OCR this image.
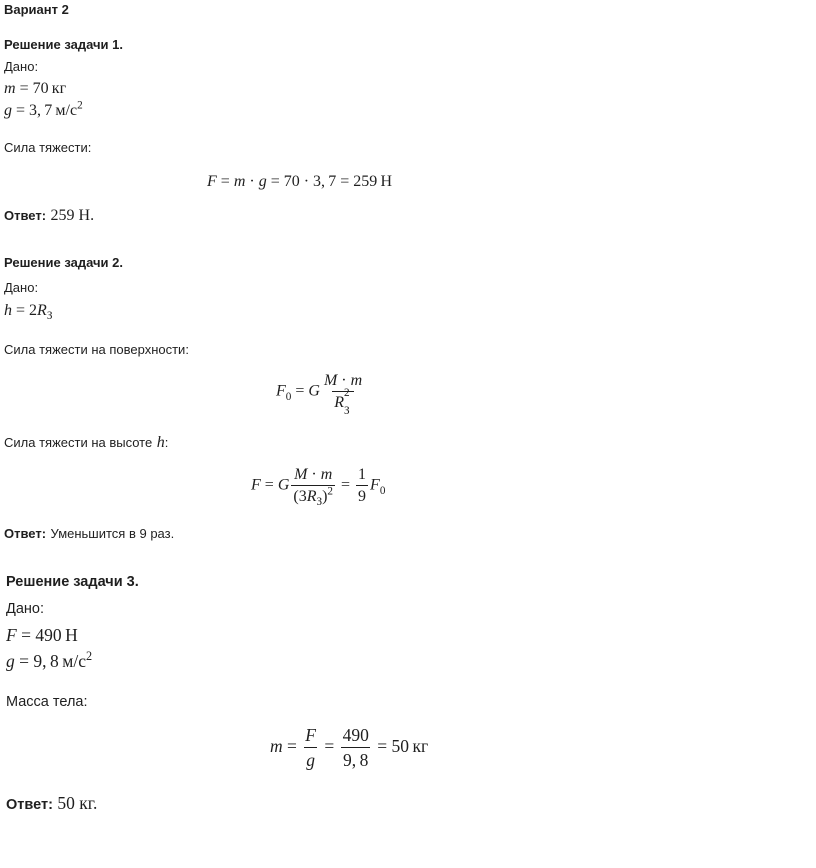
Вариант 2
Решение задачи 1.
Дано:
m = 70 кг
g = 3, 7 $м/с^2$
Сила тяжести:
F = m · g = 70 · 3, 7 = 259 Н
Ответ: 259 Н.
Решение задачи 2.
Дано:
$h = 2R_З$
Сила тяжести на поверхности:
$F_0 = G$ M · m
R
2
З

Сила тяжести на высоте h:
F = G $\frac{M \cdot m}{(3R_З)^2} = \frac{1}{9} F_0$
Ответ: Уменьшится в 9 раз.
Решение задачи 3.
Дано:
F = 490 Н
g = 9, 8 $м/с^2$
Масса тела:
$m = \frac{F}{g} = \frac{490}{9, 8} = 50$ кг
Ответ: 50 кг.
